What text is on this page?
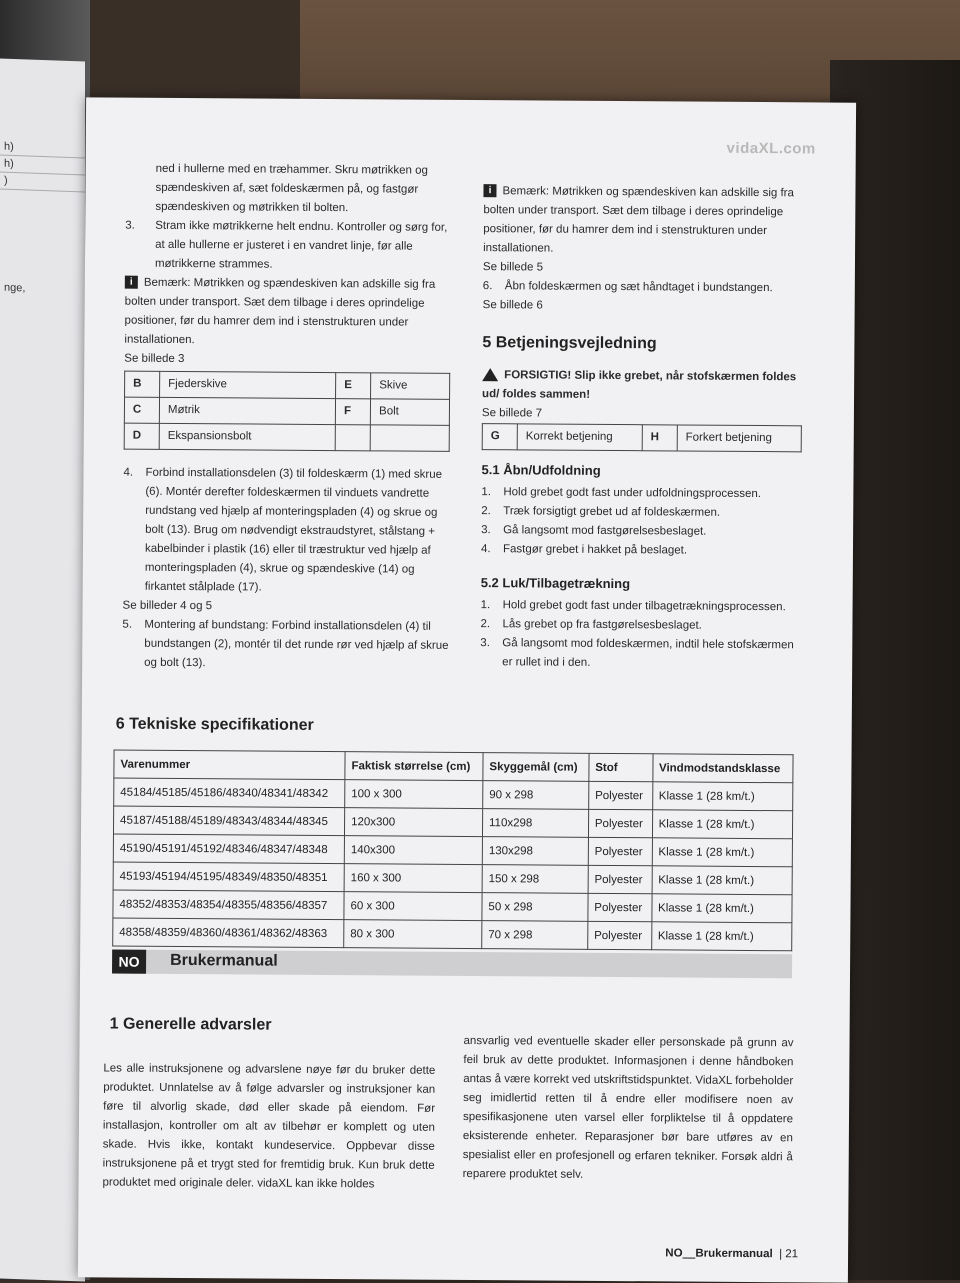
h)
h)
)
nge,
vidaXL.com

ned i hullerne med en træhammer. Skru møtrikken og spændeskiven af, sæt foldeskærmen på, og fastgør spændeskiven og møtrikken til bolten.

3.	Stram ikke møtrikkerne helt endnu. Kontroller og sørg for, at alle hullerne er justeret i en vandret linje, før alle møtrikkerne strammes.

i Bemærk: Møtrikken og spændeskiven kan adskille sig fra bolten under transport. Sæt dem tilbage i deres oprindelige positioner, før du hamrer dem ind i stenstrukturen under installationen.

Se billede 3

B	Fjederskive	E	Skive
C	Møtrik	F	Bolt
D	Ekspansionsbolt		

4.	Forbind installationsdelen (3) til foldeskærm (1) med skrue (6). Montér derefter foldeskærmen til vinduets vandrette rundstang ved hjælp af monteringspladen (4) og skrue og bolt (13). Brug om nødvendigt ekstraudstyret, stålstang + kabelbinder i plastik (16) eller til træstruktur ved hjælp af monteringspladen (4), skrue og spændeskive (14) og firkantet stålplade (17).

Se billeder 4 og 5

5.	Montering af bundstang: Forbind installationsdelen (4) til bundstangen (2), montér til det runde rør ved hjælp af skrue og bolt (13).

i Bemærk: Møtrikken og spændeskiven kan adskille sig fra bolten under transport. Sæt dem tilbage i deres oprindelige positioner, før du hamrer dem ind i stenstrukturen under installationen.

Se billede 5

6.	Åbn foldeskærmen og sæt håndtaget i bundstangen.

Se billede 6

5 Betjeningsvejledning

FORSIGTIG! Slip ikke grebet, når stofskærmen foldes ud/ foldes sammen!

Se billede 7

G	Korrekt betjening	H	Forkert betjening
5.1 Åbn/Udfoldning

1.	Hold grebet godt fast under udfoldningsprocessen.

2.	Træk forsigtigt grebet ud af foldeskærmen.

3.	Gå langsomt mod fastgørelsesbeslaget.

4.	Fastgør grebet i hakket på beslaget.

5.2 Luk/Tilbagetrækning

1.	Hold grebet godt fast under tilbagetrækningsprocessen.

2.	Lås grebet op fra fastgørelsesbeslaget.

3.	Gå langsomt mod foldeskærmen, indtil hele stofskærmen er rullet ind i den.

6 Tekniske specifikationer
Varenummer	Faktisk størrelse (cm)	Skyggemål (cm)	Stof	Vindmodstandsklasse
45184/45185/45186/48340/48341/48342	100 x 300	90 x 298	Polyester	Klasse 1 (28 km/t.)
45187/45188/45189/48343/48344/48345	120x300	110x298	Polyester	Klasse 1 (28 km/t.)
45190/45191/45192/48346/48347/48348	140x300	130x298	Polyester	Klasse 1 (28 km/t.)
45193/45194/45195/48349/48350/48351	160 x 300	150 x 298	Polyester	Klasse 1 (28 km/t.)
48352/48353/48354/48355/48356/48357	60 x 300	50 x 298	Polyester	Klasse 1 (28 km/t.)
48358/48359/48360/48361/48362/48363	80 x 300	70 x 298	Polyester	Klasse 1 (28 km/t.)
NO	Brukermanual
1 Generelle advarsler
Les alle instruksjonene og advarslene nøye før du bruker dette produktet. Unnlatelse av å følge advarsler og instruksjoner kan føre til alvorlig skade, død eller skade på eiendom. Før installasjon, kontroller om alt av tilbehør er komplett og uten skade. Hvis ikke, kontakt kundeservice. Oppbevar disse instruksjonene på et trygt sted for fremtidig bruk. Kun bruk dette produktet med originale deler. vidaXL kan ikke holdes
ansvarlig ved eventuelle skader eller personskade på grunn av feil bruk av dette produktet. Informasjonen i denne håndboken antas å være korrekt ved utskriftstidspunktet. VidaXL forbeholder seg imidlertid retten til å endre eller modifisere noen av spesifikasjonene uten varsel eller forpliktelse til å oppdatere eksisterende enheter. Reparasjoner bør bare utføres av en spesialist eller en profesjonell og erfaren tekniker. Forsøk aldri å reparere produktet selv.
NO Brukermanual | 21
